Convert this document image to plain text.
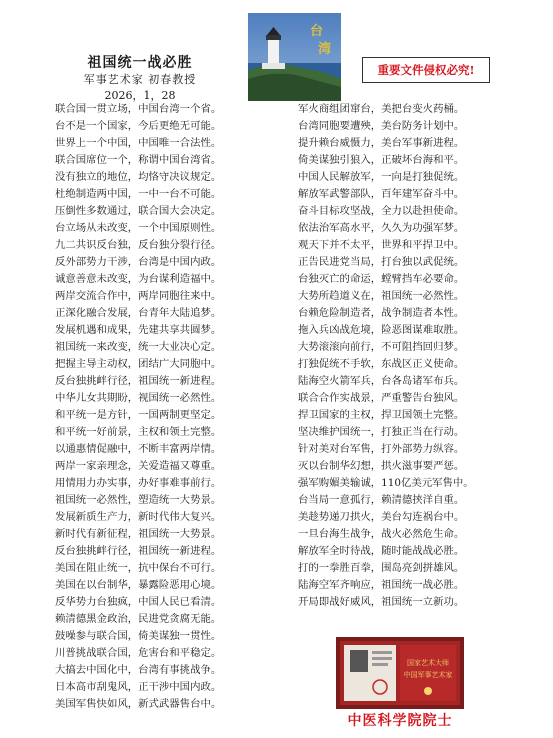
祖国统一战必胜
军事艺术家 初春教授
2026，1，28
台
湾
重要文件侵权必究!
联合国一贯立场，中国台湾一个省。
台不是一个国家，今后更绝无可能。
世界上一个中国，中国唯一合法性。
联合国席位一个，称谓中国台湾省。
没有独立的地位，均恪守决议规定。
杜绝制造两中国，一中一台不可能。
压倒性多数通过，联合国大会决定。
台立场从未改变，一个中国原则性。
九二共识反台独，反台独分裂行径。
反外部势力干涉，台湾是中国内政。
诚意善意未改变，为台谋利造福中。
两岸交流合作中，两岸同胞往来中。
正深化融合发展，台青年大陆追梦。
发展机遇和成果，先建共享共圆梦。
祖国统一来改变，统一大业决心定。
把握主导主动权，团结广大同胞中。
反台独挑衅行径，祖国统一新进程。
中华儿女共期盼，视国统一必然性。
和平统一是方针，一国两制更坚定。
和平统一好前景，主权和领土完整。
以通惠情促融中，不断丰富两岸情。
两岸一家亲理念，关爱造福又尊重。
用情用力办实事，办好事难事前行。
祖国统一必然性，塑造统一大势景。
发展新质生产力，新时代伟大复兴。
新时代有新征程，祖国统一大势景。
反台独挑衅行径，祖国统一新进程。
美国在阻止统一，抗中保台不可行。
美国在以台制华，暴露险恶用心境。
反华势力台独疯，中国人民已看清。
赖清德黑金政治，民进党贪腐无能。
鼓噪参与联合国，倚美谋独一贯性。
川普挑战联合国，危害台和平稳定。
大搞去中国化中，台湾有事挑战争。
日本高市刮鬼风，正干涉中国内政。
美国军售快如风，新式武器售台中。
军火商组团窜台，美把台变火药桶。
台湾同胞要遭殃，美台防务计划中。
提升赖台威慑力，美台军事新进程。
倚美谋独引狼入，正破坏台海和平。
中国人民解放军，一向是打独促统。
解放军武警部队，百年建军奋斗中。
奋斗目标攻坚战，全力以赴担使命。
依法治军高水平，久久为功强军梦。
观天下并不太平，世界和平捍卫中。
正告民进党当局，打台独以武促统。
台独灭亡的命运，螳臂挡车必要命。
大势所趋道义在，祖国统一必然性。
台赖危险制造者，战争制造者本性。
拖入兵凶战危境，险恶图谋难取胜。
大势滚滚向前行，不可阻挡回归梦。
打独促统不手软，东战区正义使命。
陆海空火箭军兵，台各岛诸军布兵。
联合合作实战景，严重警告台独风。
捍卫国家的主权，捍卫国领土完整。
坚决维护国统一，打独正当在行动。
针对美对台军售，打外部势力纵容。
灭以台制华幻想，拱火滋事要严惩。
强军购媚美输诚，110亿美元军售中。
台当局一意孤行，赖清德挟洋自重。
美趁势递刀拱火，美台勾连祸台中。
一旦台海生战争，战火必然危生命。
解放军全时待战，随时能战战必胜。
打的一拳胜百拳，围岛亮剑拼雄风。
陆海空军齐响应，祖国统一战必胜。
开局即战好威风，祖国统一立新功。
国家艺术大师
中国军事艺术家
中医科学院院士
